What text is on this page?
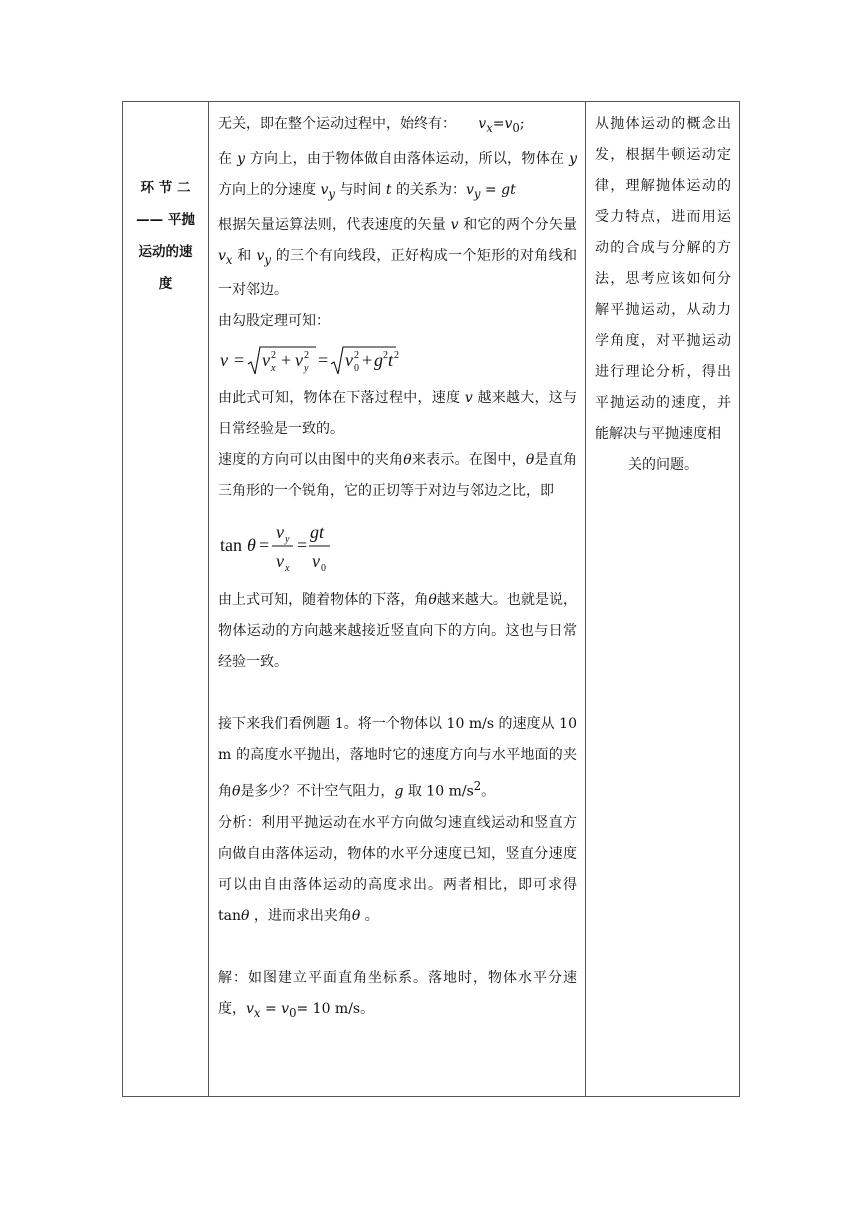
环 节 二
—— 平抛
运动的速
度

无关，即在整个运动过程中，始终有： $v_x=v_0$;

在 y 方向上，由于物体做自由落体运动，所以，物体在 y 方向上的分速度 $v_y$ 与时间 t 的关系为：$v_y$ = gt

根据矢量运算法则，代表速度的矢量 v 和它的两个分矢量 $v_x$ 和 $v_y$ 的三个有向线段，正好构成一个矩形的对角线和一对邻边。

由勾股定理可知：

v = v x
2 + v y
2 = v 0
2 + g 2 t 2

由此式可知，物体在下落过程中，速度 v 越来越大，这与日常经验是一致的。

速度的方向可以由图中的夹角θ来表示。在图中，θ是直角三角形的一个锐角，它的正切等于对边与邻边之比，即

tan θ =
v y
v x
=
gt
v 0

由上式可知，随着物体的下落，角θ越来越大。也就是说，物体运动的方向越来越接近竖直向下的方向。这也与日常经验一致。

接下来我们看例题 1。将一个物体以 10 m/s 的速度从 10 m 的高度水平抛出，落地时它的速度方向与水平地面的夹角θ是多少？不计空气阻力，g 取 10 $m/s^2$。

分析：利用平抛运动在水平方向做匀速直线运动和竖直方向做自由落体运动，物体的水平分速度已知，竖直分速度可以由自由落体运动的高度求出。两者相比，即可求得 tanθ ，进而求出夹角θ 。

解：如图建立平面直角坐标系。落地时，物体水平分速度，$v_x = v_0= 10$ m/s。

从抛体运动的概念出发，根据牛顿运动定律，理解抛体运动的受力特点，进而用运动的合成与分解的方法，思考应该如何分解平抛运动，从动力学角度，对平抛运动进行理论分析，得出平抛运动的速度，并能解决与平抛速度相

关的问题。
